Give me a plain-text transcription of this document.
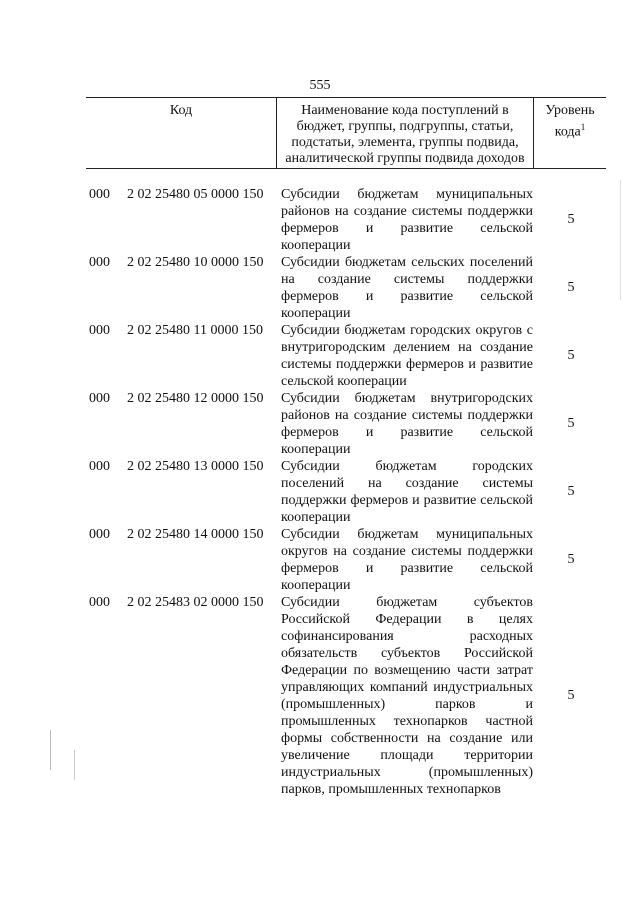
555
Код	Наименование кода поступлений в бюджет, группы, подгруппы, статьи, подстатьи, элемента, группы подвида, аналитической группы подвида доходов
Уровень кода$^1$
000 2 02 25480 05 0000 150 Субсидии бюджетам муниципальных районов на создание системы поддержки фермеров и развитие сельской кооперации
5
000 2 02 25480 10 0000 150 Субсидии бюджетам сельских поселений на создание системы поддержки фермеров и развитие сельской кооперации
5
000 2 02 25480 11 0000 150 Субсидии бюджетам городских округов с внутригородским делением на создание системы поддержки фермеров и развитие сельской кооперации
5
000 2 02 25480 12 0000 150 Субсидии бюджетам внутригородских районов на создание системы поддержки фермеров и развитие сельской кооперации
5
000 2 02 25480 13 0000 150 Субсидии бюджетам городских поселений на создание системы поддержки фермеров и развитие сельской кооперации
5
000 2 02 25480 14 0000 150 Субсидии бюджетам муниципальных округов на создание системы поддержки фермеров и развитие сельской кооперации
5
000 2 02 25483 02 0000 150 Субсидии бюджетам субъектов Российской Федерации в целях софинансирования расходных обязательств субъектов Российской Федерации по возмещению части затрат управляющих компаний индустриальных (промышленных) парков и промышленных технопарков частной формы собственности на создание или увеличение площади территории индустриальных (промышленных) парков, промышленных технопарков
5
